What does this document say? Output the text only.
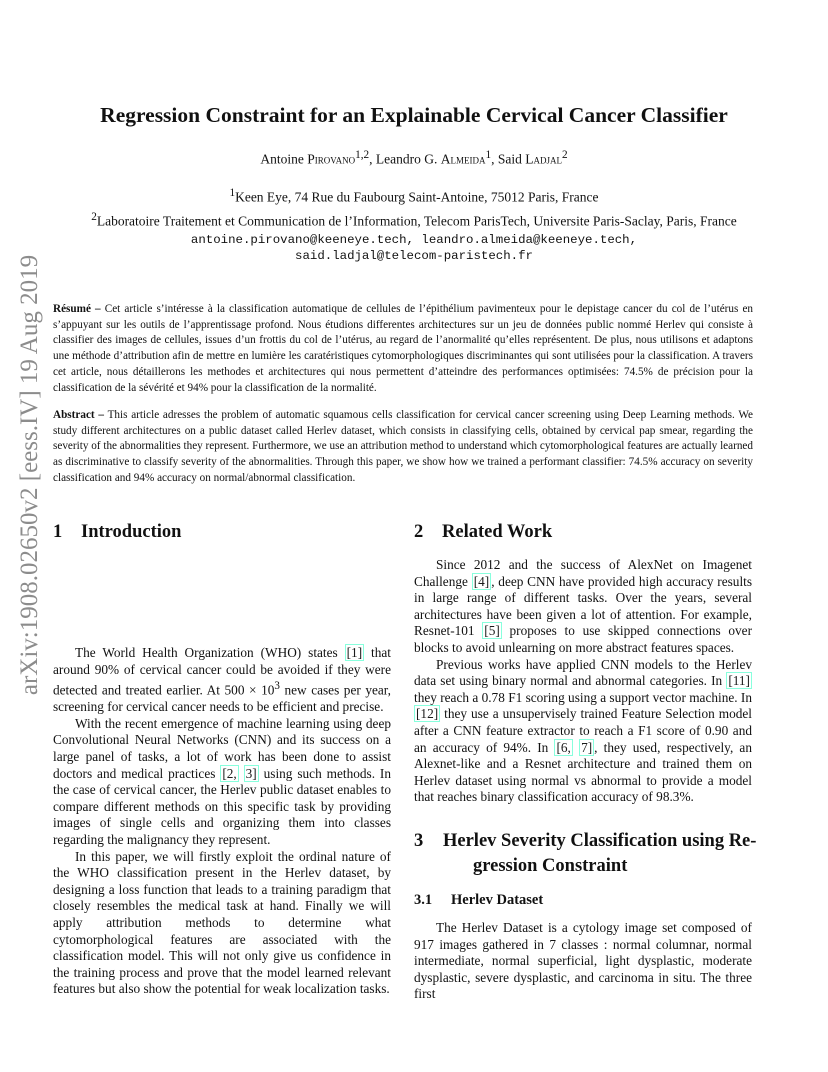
arXiv:1908.02650v2 [eess.IV] 19 Aug 2019
Regression Constraint for an Explainable Cervical Cancer Classifier
Antoine Pirovano$^{1,2}$, Leandro G. Almeida$^1$, Said Ladjal$^2$
$^1$Keen Eye, 74 Rue du Faubourg Saint-Antoine, 75012 Paris, France
$^2$Laboratoire Traitement et Communication de l’Information, Telecom ParisTech, Universite Paris-Saclay, Paris, France
antoine.pirovano@keeneye.tech, leandro.almeida@keeneye.tech,
said.ladjal@telecom-paristech.fr
Résumé – Cet article s’intéresse à la classification automatique de cellules de l’épithélium pavimenteux pour le depistage cancer du col de l’utérus en s’appuyant sur les outils de l’apprentissage profond. Nous étudions differentes architectures sur un jeu de données public nommé Herlev qui consiste à classifier des images de cellules, issues d’un frottis du col de l’utérus, au regard de l’anormalité qu’elles représentent. De plus, nous utilisons et adaptons une méthode d’attribution afin de mettre en lumière les caratéristiques cytomorphologiques discriminantes qui sont utilisées pour la classification. A travers cet article, nous détaillerons les methodes et architectures qui nous permettent d’atteindre des performances optimisées: 74.5% de précision pour la classification de la sévérité et 94% pour la classification de la normalité.
Abstract – This article adresses the problem of automatic squamous cells classification for cervical cancer screening using Deep Learning methods. We study different architectures on a public dataset called Herlev dataset, which consists in classifying cells, obtained by cervical pap smear, regarding the severity of the abnormalities they represent. Furthermore, we use an attribution method to understand which cytomorphological features are actually learned as discriminative to classify severity of the abnormalities. Through this paper, we show how we trained a performant classifier: 74.5% accuracy on severity classification and 94% accuracy on normal/abnormal classification.
1 Introduction

The World Health Organization (WHO) states [1] that around 90% of cervical cancer could be avoided if they were detected and treated earlier. At $500 \times 10^3$ new cases per year, screening for cervical cancer needs to be efficient and precise.

With the recent emergence of machine learning using deep Convolutional Neural Networks (CNN) and its success on a large panel of tasks, a lot of work has been done to assist doctors and medical practices [2, 3] using such methods. In the case of cervical cancer, the Herlev public dataset enables to compare different methods on this specific task by providing images of single cells and organizing them into classes regarding the malignancy they represent.

In this paper, we will firstly exploit the ordinal nature of the WHO classification present in the Herlev dataset, by designing a loss function that leads to a training paradigm that closely resembles the medical task at hand. Finally we will apply attribution methods to determine what cytomorphological features are associated with the classification model. This will not only give us confidence in the training process and prove that the model learned relevant features but also show the potential for weak localization tasks.

2 Related Work

Since 2012 and the success of AlexNet on Imagenet Challenge [4] , deep CNN have provided high accuracy results in large range of different tasks. Over the years, several architectures have been given a lot of attention. For example, Resnet-101 [5] proposes to use skipped connections over blocks to avoid unlearning on more abstract features spaces.

Previous works have applied CNN models to the Herlev data set using binary normal and abnormal categories. In [11] they reach a 0.78 F1 scoring using a support vector machine. In [12] they use a unsupervisely trained Feature Selection model after a CNN feature extractor to reach a F1 score of 0.90 and an accuracy of 94%. In [6, 7] , they used, respectively, an Alexnet-like and a Resnet architecture and trained them on Herlev dataset using normal vs abnormal to provide a model that reaches binary classification accuracy of 98.3%.

3 Herlev Severity Classification using Re-
gression Constraint
3.1 Herlev Dataset

The Herlev Dataset is a cytology image set composed of 917 images gathered in 7 classes : normal columnar, normal intermediate, normal superficial, light dysplastic, moderate dysplastic, severe dysplastic, and carcinoma in situ. The three first
